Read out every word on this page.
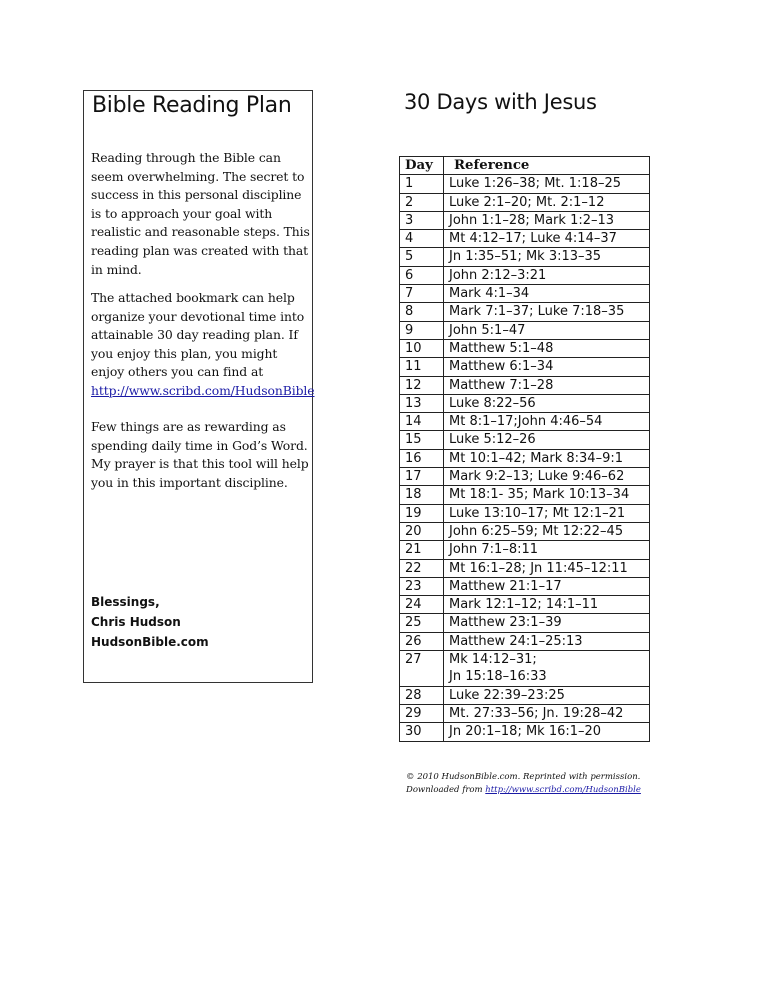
Bible Reading Plan
Reading through the Bible can seem overwhelming. The secret to success in this personal discipline is to approach your goal with realistic and reasonable steps. This reading plan was created with that in mind.
The attached bookmark can help organize your devotional time into attainable 30 day reading plan. If you enjoy this plan, you might enjoy others you can find at http://www.scribd.com/HudsonBible
Few things are as rewarding as spending daily time in God’s Word. My prayer is that this tool will help you in this important discipline.
Blessings,
Chris Hudson
HudsonBible.com
30 Days with Jesus
Day	Reference
1	Luke 1:26–38; Mt. 1:18–25
2	Luke 2:1–20; Mt. 2:1–12
3	John 1:1–28; Mark 1:2–13
4	Mt 4:12–17; Luke 4:14–37
5	Jn 1:35–51; Mk 3:13–35
6	John 2:12–3:21
7	Mark 4:1–34
8	Mark 7:1–37; Luke 7:18–35
9	John 5:1–47
10	Matthew 5:1–48
11	Matthew 6:1–34
12	Matthew 7:1–28
13	Luke 8:22–56
14	Mt 8:1–17;John 4:46–54
15	Luke 5:12–26
16	Mt 10:1–42; Mark 8:34–9:1
17	Mark 9:2–13; Luke 9:46–62
18	Mt 18:1- 35; Mark 10:13–34
19	Luke 13:10–17; Mt 12:1–21
20	John 6:25–59; Mt 12:22–45
21	John 7:1–8:11
22	Mt 16:1–28; Jn 11:45–12:11
23	Matthew 21:1–17
24	Mark 12:1–12; 14:1–11
25	Matthew 23:1–39
26	Matthew 24:1–25:13
27	Mk 14:12–31;
Jn 15:18–16:33

28	Luke 22:39–23:25
29	Mt. 27:33–56; Jn. 19:28–42
30	Jn 20:1–18; Mk 16:1–20
© 2010 HudsonBible.com. Reprinted with permission.
Downloaded from http://www.scribd.com/HudsonBible
